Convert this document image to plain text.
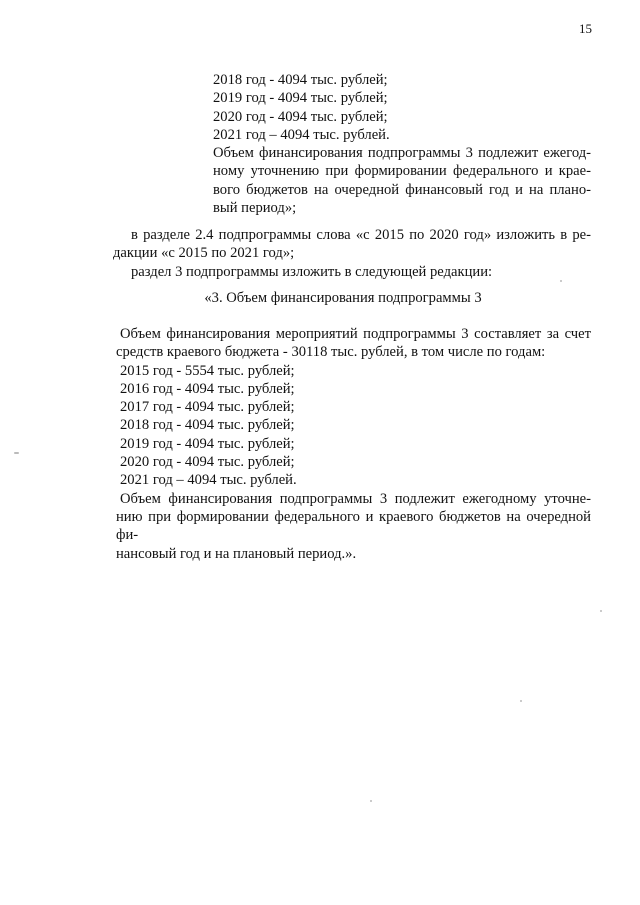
15
2018 год - 4094 тыс. рублей;
2019 год - 4094 тыс. рублей;
2020 год - 4094 тыс. рублей;
2021 год – 4094 тыс. рублей.
Объем финансирования подпрограммы 3 подлежит ежегод-
ному уточнению при формировании федерального и крае-
вого бюджетов на очередной финансовый год и на плано-
вый период»;
в разделе 2.4 подпрограммы слова «с 2015 по 2020 год» изложить в ре-
дакции «с 2015 по 2021 год»;
раздел 3 подпрограммы изложить в следующей редакции:
«3. Объем финансирования подпрограммы 3
Объем финансирования мероприятий подпрограммы 3 составляет за счет
средств краевого бюджета - 30118 тыс. рублей, в том числе по годам:
2015 год - 5554 тыс. рублей;
2016 год - 4094 тыс. рублей;
2017 год - 4094 тыс. рублей;
2018 год - 4094 тыс. рублей;
2019 год - 4094 тыс. рублей;
2020 год - 4094 тыс. рублей;
2021 год – 4094 тыс. рублей.
Объем финансирования подпрограммы 3 подлежит ежегодному уточне-
нию при формировании федерального и краевого бюджетов на очередной фи-
нансовый год и на плановый период.».
